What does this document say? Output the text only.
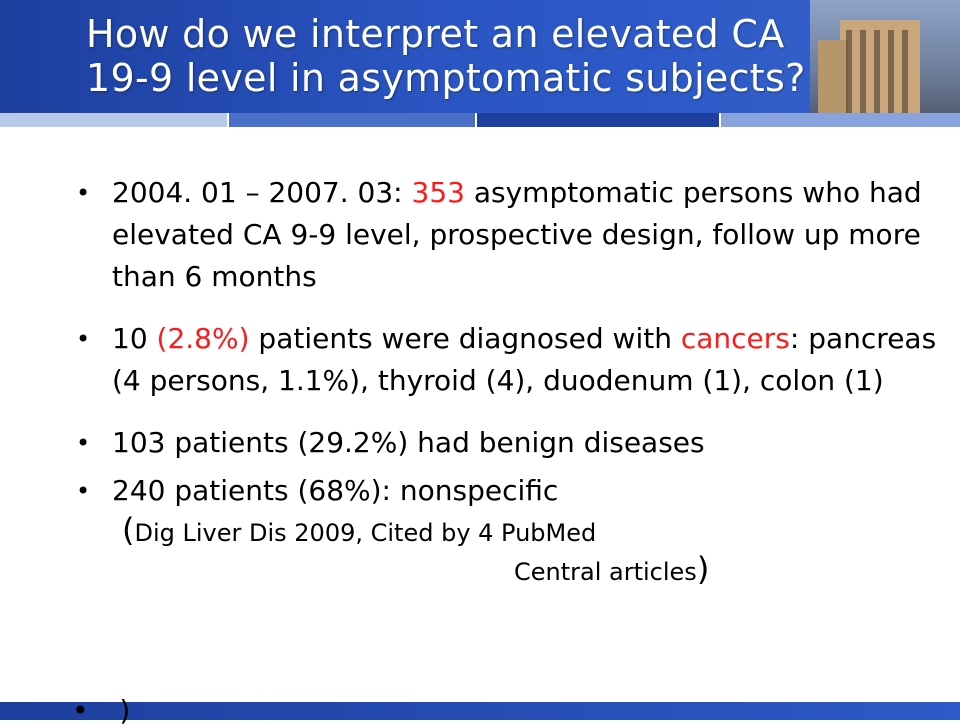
How do we interpret an elevated CA
19-9 level in asymptomatic subjects?
• 2004. 01 – 2007. 03: 353 asymptomatic persons who had elevated CA 9-9 level, prospective design, follow up more than 6 months
• 10 (2.8%) patients were diagnosed with cancers: pancreas (4 persons, 1.1%), thyroid (4), duodenum (1), colon (1)
• 103 patients (29.2%) had benign diseases
• 240 patients (68%): nonspecific
(Dig Liver Dis 2009, Cited by 4 PubMed
Central articles)
• )
